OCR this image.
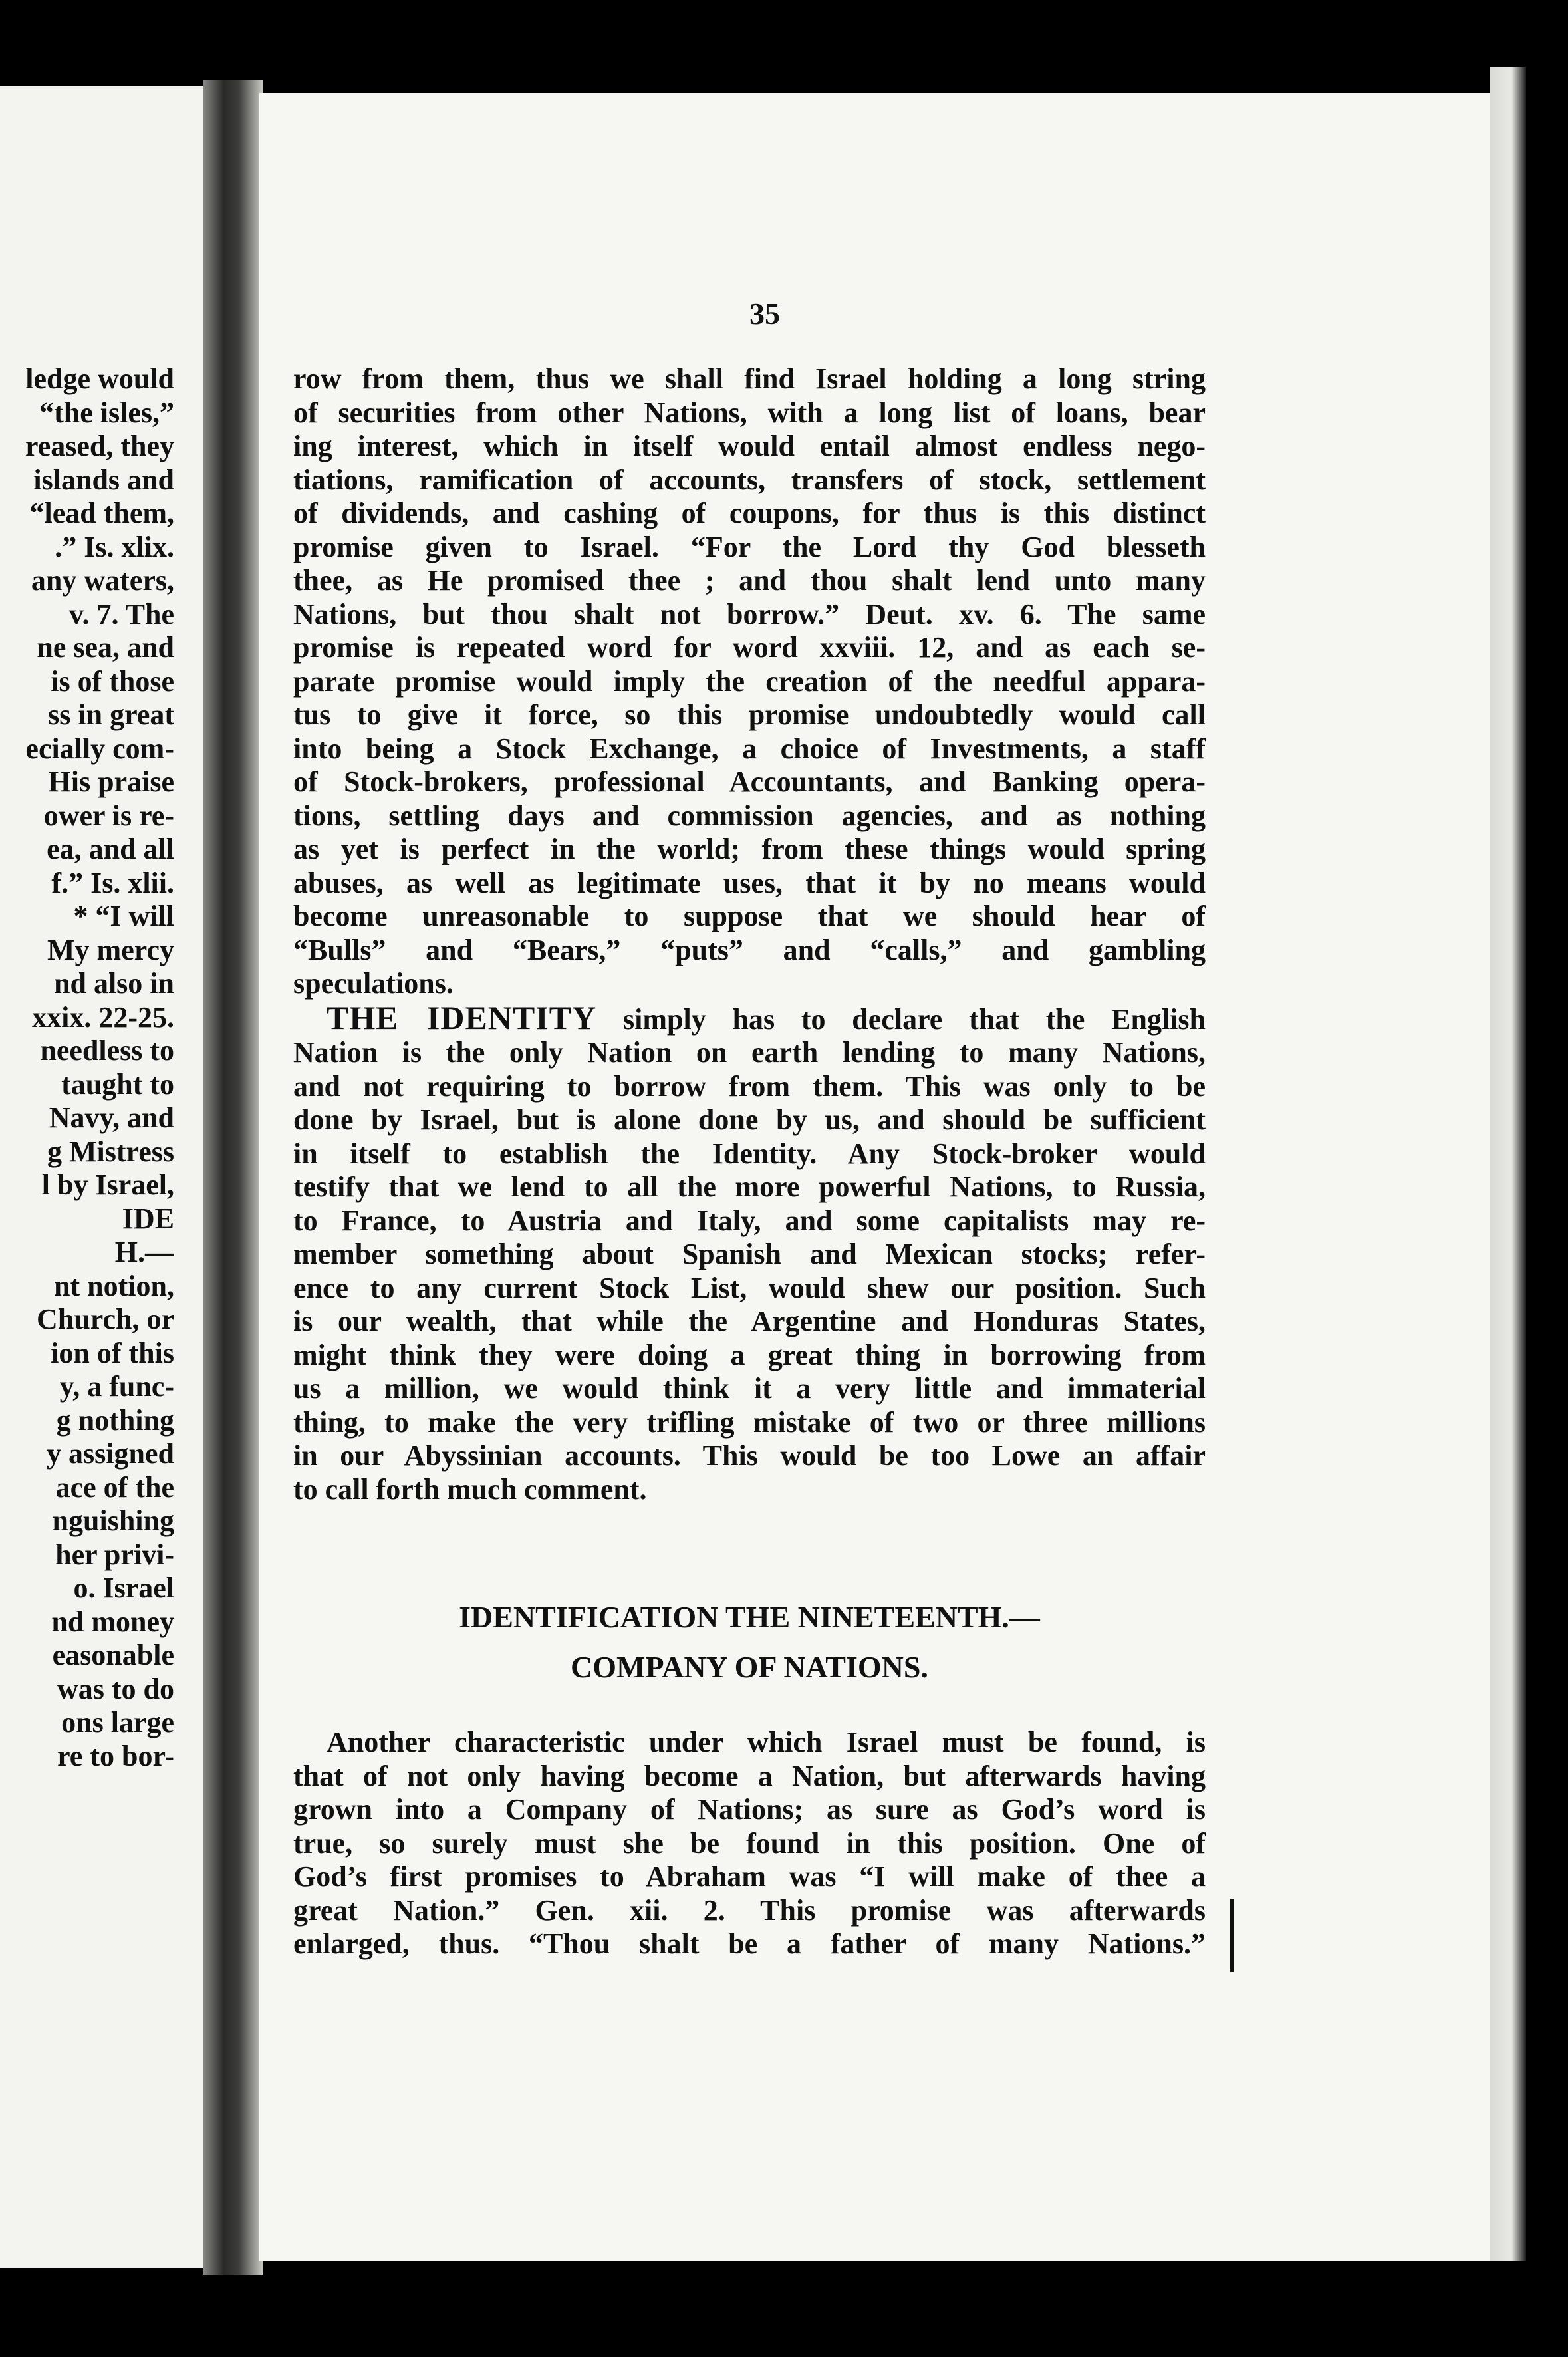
35
ledge would
“the isles,”
reased, they
islands and
“lead them,
.” Is. xlix.
any waters,
v. 7. The
ne sea, and
is of those
ss in great
ecially com-
His praise
ower is re-
ea, and all
f.” Is. xlii.
* “I will
My mercy
nd also in
xxix. 22-25.
needless to
taught to
Navy, and
g Mistress
l by Israel,
IDE
H.—
nt notion,
Church, or
ion of this
y, a func-
g nothing
y assigned
ace of the
nguishing
her privi-
o. Israel
nd money
easonable
was to do
ons large
re to bor-
row from them, thus we shall find Israel holding a long string
of securities from other Nations, with a long list of loans, bear
ing interest, which in itself would entail almost endless nego-
tiations, ramification of accounts, transfers of stock, settlement
of dividends, and cashing of coupons, for thus is this distinct
promise given to Israel. “For the Lord thy God blesseth
thee, as He promised thee ; and thou shalt lend unto many
Nations, but thou shalt not borrow.” Deut. xv. 6. The same
promise is repeated word for word xxviii. 12, and as each se-
parate promise would imply the creation of the needful appara-
tus to give it force, so this promise undoubtedly would call
into being a Stock Exchange, a choice of Investments, a staff
of Stock-brokers, professional Accountants, and Banking opera-
tions, settling days and commission agencies, and as nothing
as yet is perfect in the world; from these things would spring
abuses, as well as legitimate uses, that it by no means would
become unreasonable to suppose that we should hear of
“Bulls” and “Bears,” “puts” and “calls,” and gambling
speculations.
THE IDENTITY simply has to declare that the English
Nation is the only Nation on earth lending to many Nations,
and not requiring to borrow from them. This was only to be
done by Israel, but is alone done by us, and should be sufficient
in itself to establish the Identity. Any Stock-broker would
testify that we lend to all the more powerful Nations, to Russia,
to France, to Austria and Italy, and some capitalists may re-
member something about Spanish and Mexican stocks; refer-
ence to any current Stock List, would shew our position. Such
is our wealth, that while the Argentine and Honduras States,
might think they were doing a great thing in borrowing from
us a million, we would think it a very little and immaterial
thing, to make the very trifling mistake of two or three millions
in our Abyssinian accounts. This would be too Lowe an affair
to call forth much comment.
IDENTIFICATION THE NINETEENTH.—
COMPANY OF NATIONS.
Another characteristic under which Israel must be found, is
that of not only having become a Nation, but afterwards having
grown into a Company of Nations; as sure as God’s word is
true, so surely must she be found in this position. One of
God’s first promises to Abraham was “I will make of thee a
great Nation.” Gen. xii. 2. This promise was afterwards
enlarged, thus. “Thou shalt be a father of many Nations.”
